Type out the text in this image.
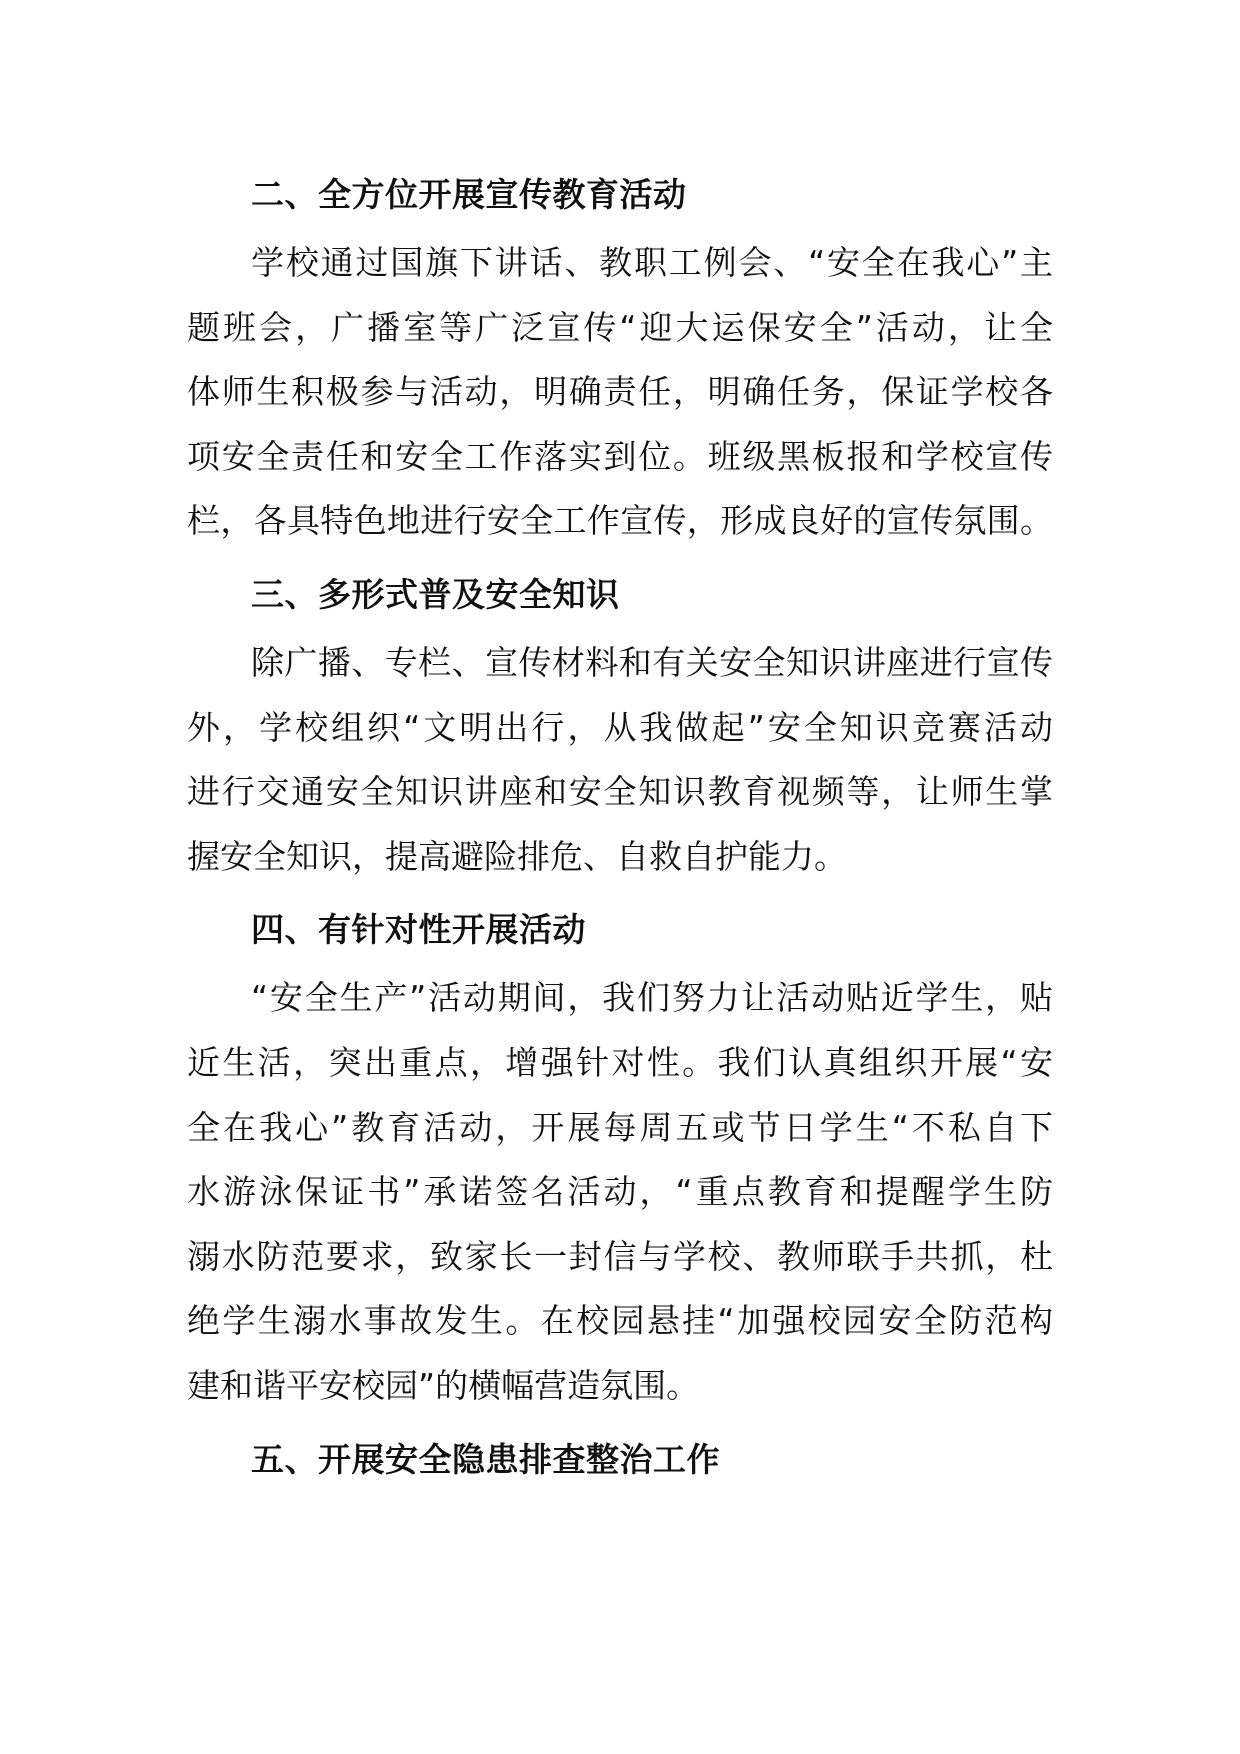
二、全方位开展宣传教育活动
学校通过国旗下讲话、教职工例会、“安全在我心”主
题班会，广播室等广泛宣传“迎大运保安全”活动，让全
体师生积极参与活动，明确责任，明确任务，保证学校各
项安全责任和安全工作落实到位。班级黑板报和学校宣传
栏，各具特色地进行安全工作宣传，形成良好的宣传氛围。
三、多形式普及安全知识
除广播、专栏、宣传材料和有关安全知识讲座进行宣传
外，学校组织“文明出行，从我做起”安全知识竞赛活动
进行交通安全知识讲座和安全知识教育视频等，让师生掌
握安全知识，提高避险排危、自救自护能力。
四、有针对性开展活动
“安全生产”活动期间，我们努力让活动贴近学生，贴
近生活，突出重点，增强针对性。我们认真组织开展“安
全在我心”教育活动，开展每周五或节日学生“不私自下
水游泳保证书”承诺签名活动，“重点教育和提醒学生防
溺水防范要求，致家长一封信与学校、教师联手共抓，杜
绝学生溺水事故发生。在校园悬挂“加强校园安全防范构
建和谐平安校园”的横幅营造氛围。
五、开展安全隐患排查整治工作
